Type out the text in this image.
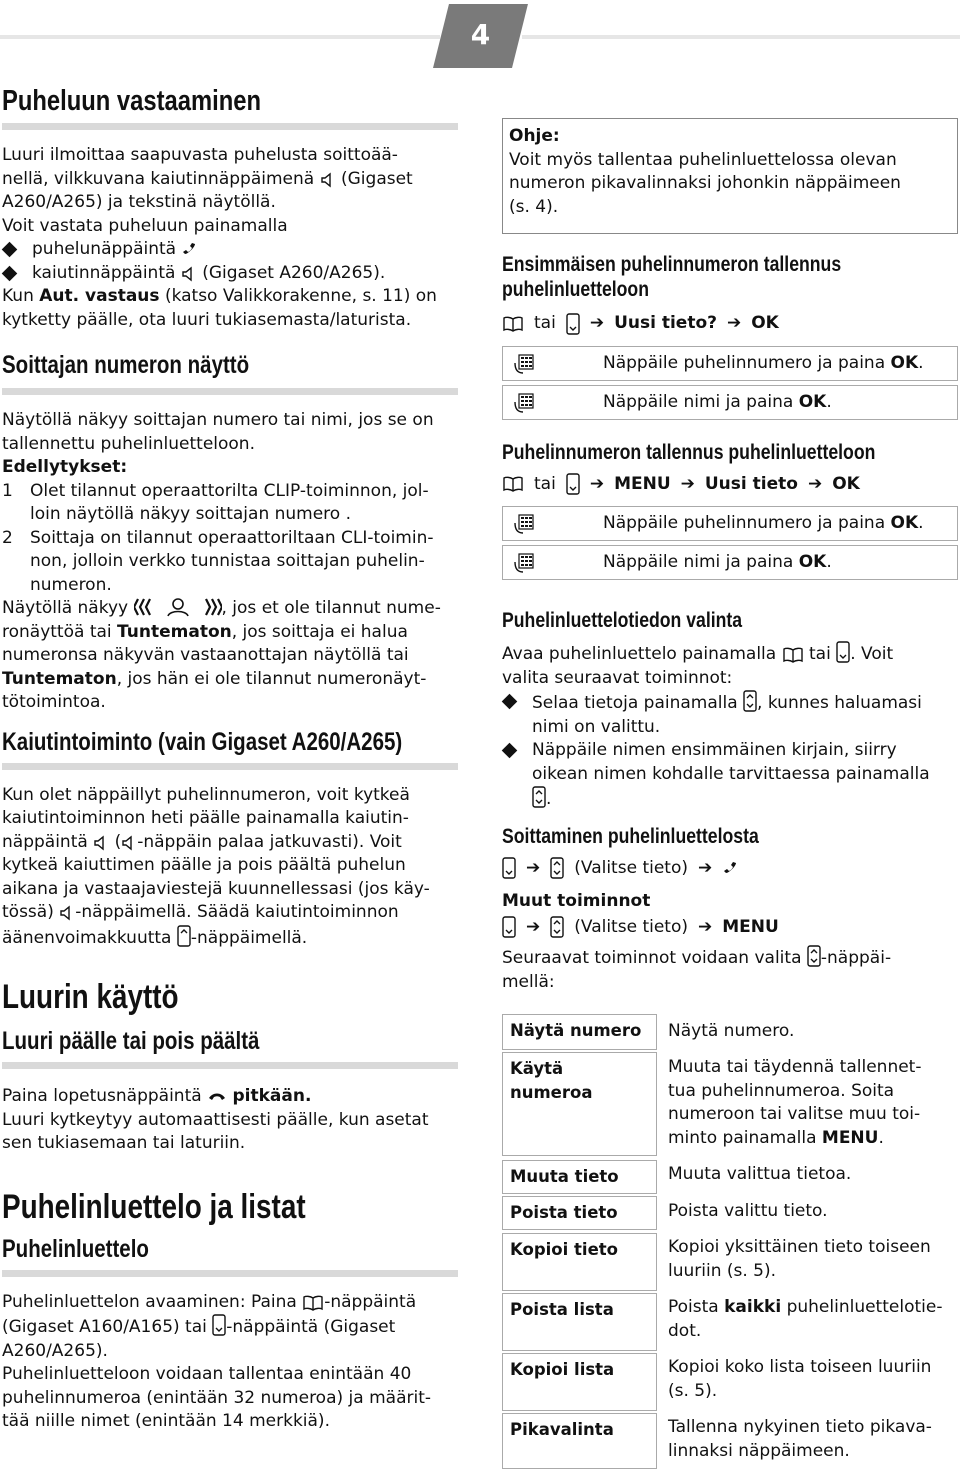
4
Puheluun vastaaminen

Luuri ilmoittaa saapuvasta puhelusta soittoää-
nellä, vilkkuvana kaiutinnäppäimenä (Gigaset
A260/A265) ja tekstinä näytöllä.
Voit vastata puheluun painamalla

puhelunäppäintä
kaiutinnäppäintä (Gigaset A260/A265).

Kun Aut. vastaus (katso Valikkorakenne, s. 11) on
kytketty päälle, ota luuri tukiasemasta/laturista.

Soittajan numeron näyttö

Näytöllä näkyy soittajan numero tai nimi, jos se on
tallennettu puhelinluetteloon.

Edellytykset:

1 Olet tilannut operaattorilta CLIP-toiminnon, jol-
loin näytöllä näkyy soittajan numero .
2 Soittaja on tilannut operaattoriltaan CLI-toimin-
non, jolloin verkko tunnistaa soittajan puhelin-
numeron.

Näytöllä näkyy	, jos et ole tilannut nume-
ronäyttöä tai Tuntematon, jos soittaja ei halua
numeronsa näkyvän vastaanottajan näytöllä tai
Tuntematon, jos hän ei ole tilannut numeronäyt-
tötoimintoa.

Kaiutintoiminto (vain Gigaset A260/A265)

Kun olet näppäillyt puhelinnumeron, voit kytkeä
kaiutintoiminnon heti päälle painamalla kaiutin-
näppäintä ( -näppäin palaa jatkuvasti). Voit
kytkeä kaiuttimen päälle ja pois päältä puhelun
aikana ja vastaajaviestejä kuunnellessasi (jos käy-
tössä) -näppäimellä. Säädä kaiutintoiminnon
äänenvoimakkuutta -näppäimellä.

Luurin käyttö
Luuri päälle tai pois päältä

Paina lopetusnäppäintä pitkään.
Luuri kytkeytyy automaattisesti päälle, kun asetat
sen tukiasemaan tai laturiin.

Puhelinluettelo ja listat
Puhelinluettelo

Puhelinluettelon avaaminen: Paina -näppäintä
(Gigaset A160/A165) tai -näppäintä (Gigaset
A260/A265).
Puhelinluetteloon voidaan tallentaa enintään 40
puhelinnumeroa (enintään 32 numeroa) ja määrit-
tää niille nimet (enintään 14 merkkiä).

Ohje:

Voit myös tallentaa puhelinluettelossa olevan
numeron pikavalinnaksi johonkin näppäimeen
(s. 4).

Ensimmäisen puhelinnumeron tallennus
puhelinluetteloon
tai ➔ Uusi tieto? ➔ OK
Näppäile puhelinnumero ja paina OK.
Näppäile nimi ja paina OK.
Puhelinnumeron tallennus puhelinluetteloon
tai ➔ MENU ➔ Uusi tieto ➔ OK
Näppäile puhelinnumero ja paina OK.
Näppäile nimi ja paina OK.
Puhelinluettelotiedon valinta

Avaa puhelinluettelo painamalla tai . Voit
valita seuraavat toiminnot:

Selaa tietoja painamalla , kunnes haluamasi
nimi on valittu.
Näppäile nimen ensimmäinen kirjain, siirry
oikean nimen kohdalle tarvittaessa painamalla
.
Soittaminen puhelinluettelosta
➔ (Valitse tieto) ➔

Muut toiminnot

➔ (Valitse tieto) ➔ MENU

Seuraavat toiminnot voidaan valita -näppäi-
mellä:

Näytä numero	Näytä numero.
Käytä numeroa
Muuta tai täydennä tallennet-
tua puhelinnumeroa. Soita
numeroon tai valitse muu toi-
minto painamalla MENU.
Muuta tieto	Muuta valittua tietoa.
Poista tieto	Poista valittu tieto.
Kopioi tieto	Kopioi yksittäinen tieto toiseen
luuriin (s. 5).
Poista lista	Poista kaikki puhelinluettelotie-
dot.
Kopioi lista	Kopioi koko lista toiseen luuriin
(s. 5).
Pikavalinta	Tallenna nykyinen tieto pikava-
linnaksi näppäimeen.
